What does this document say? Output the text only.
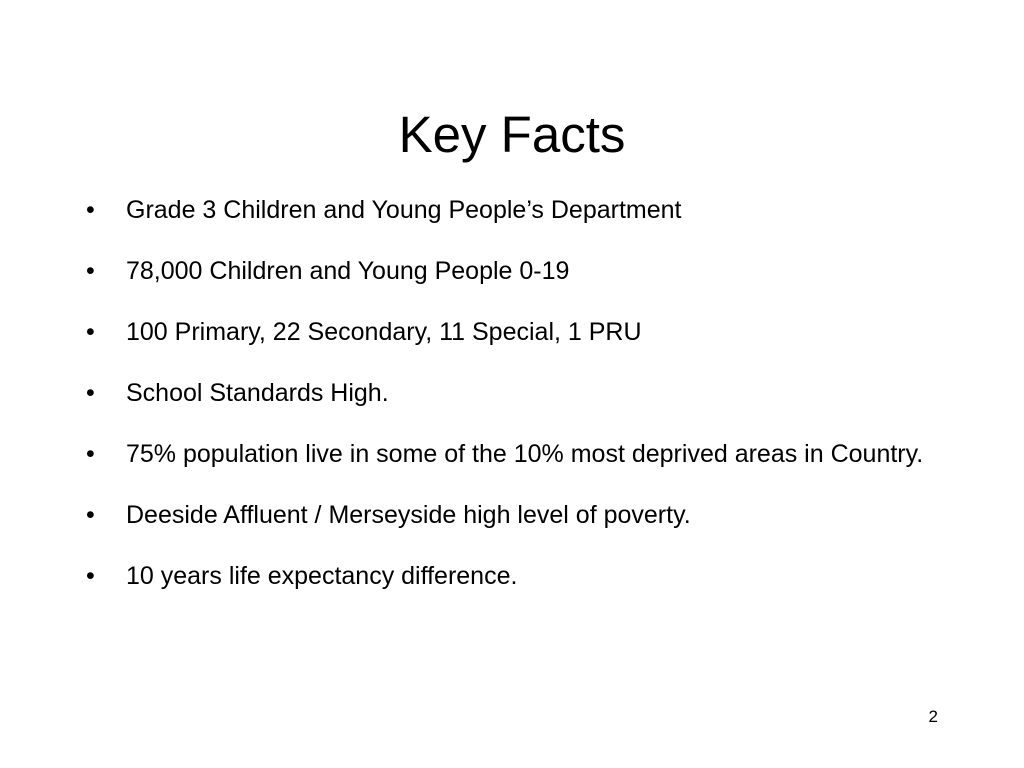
Key Facts
•	Grade 3 Children and Young People’s Department
•	78,000 Children and Young People 0-19
•	100 Primary, 22 Secondary, 11 Special, 1 PRU
•	School Standards High.
•	75% population live in some of the 10% most deprived areas in Country.
•	Deeside Affluent / Merseyside high level of poverty.
•	10 years life expectancy difference.
2
